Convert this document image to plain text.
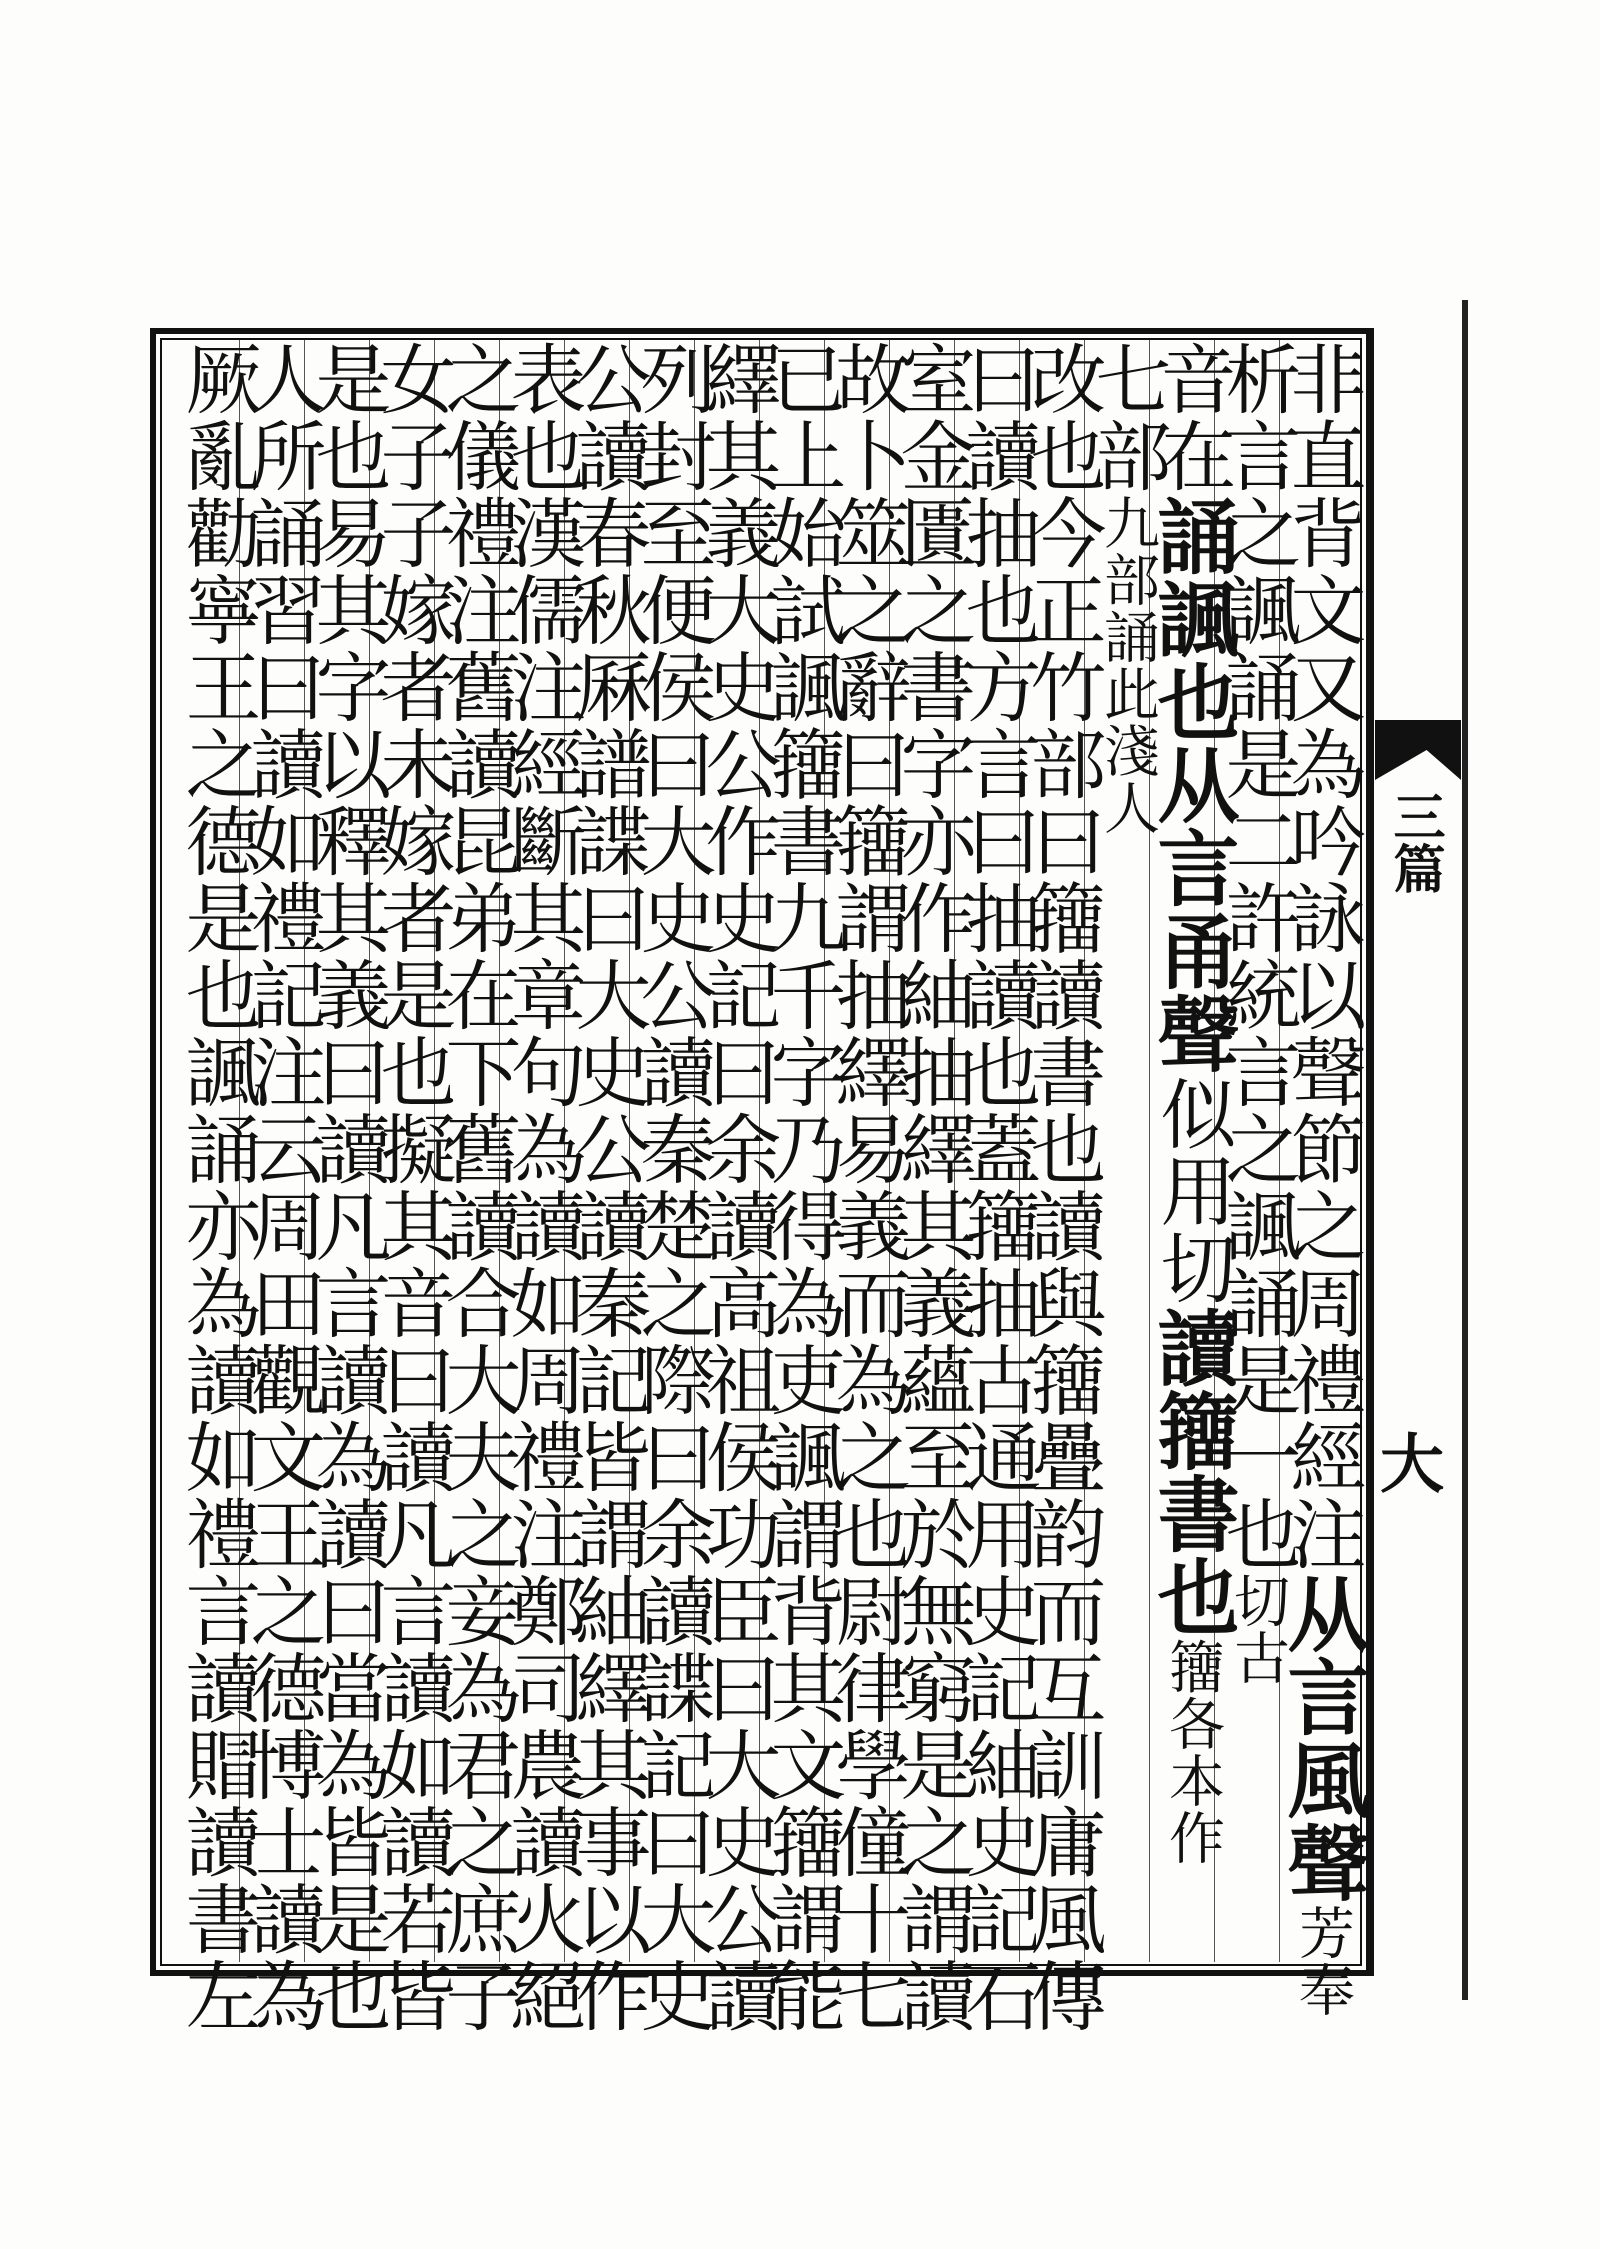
三篇
大
非直背文又為吟詠以聲節之周禮經注从言風聲芳奉
析言之諷誦是二許統言之諷誦是一也切古
音在誦諷也从言甬聲似用切讀籒書也籒各本作
七部九部誦此淺人
改也今正竹部曰籒讀書也讀與籒疊韵而互訓庸風傳
曰讀抽也方言曰抽讀也蓋籒抽古通用史記紬史記石
室金匱之書字亦作紬抽繹其義蘊至於無窮是之謂讀
故卜筮之辭曰籒謂抽繹易義而為之也尉律學僮十七
已上始試諷籒書九千字乃得為吏諷謂背其文籒謂能
繹其義大史公作史記曰余讀高祖侯功臣曰大史公讀
列封至便侯曰大史公讀秦楚之際曰余讀諜記曰大史
公讀春秋厤譜諜曰大史公讀秦記皆謂紬繹其事以作
表也漢儒注經斷其章句為讀如周禮注鄭司農讀火絕
之儀禮注舊讀昆弟在下舊讀合大夫之妾為君之庶子
女子子嫁者未嫁者是也擬其音曰讀凡言讀如讀若皆
是也易其字以釋其義曰讀凡言讀為讀曰當為皆是也
人所誦習曰讀如禮記注云周田觀文王之德博士讀為
厥亂勸寧王之德是也諷誦亦為讀如禮言讀賵讀書左
